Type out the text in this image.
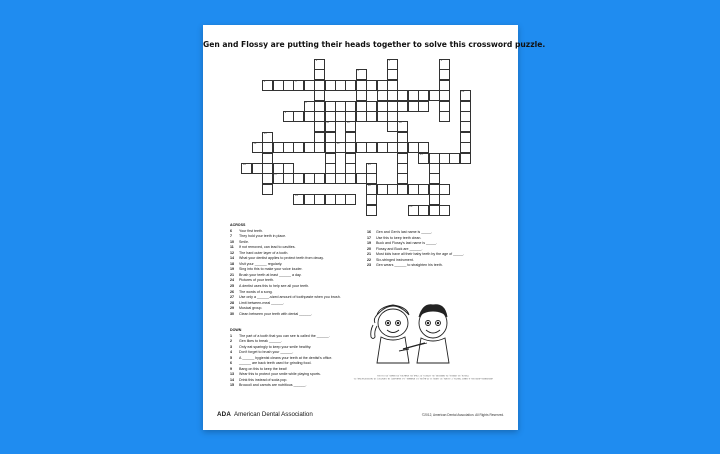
Gen and Flossy are putting their heads together to solve this crossword puzzle.
1	2	3
4
5
6
7
8
9
10	11	12
13	14
15
16
17
18
19
20
21
22
23
ACROSS
6 Your first teeth.
7 They hold your teeth in place.
10 Smile.
11 If not removed, can lead to cavities.
12 The hard outer layer of a tooth.
14 What your dentist applies to protect teeth from decay.
18 Visit your ______ regularly.
19 Sing into this to make your voice louder.
21 Brush your teeth at least ______ a day.
24 Pictures of your teeth.
25 A dentist uses this to help see all your teeth.
26 The words of a song.
27 Use only a ______-sized amount of toothpaste when you brush.
28 Limit between-meal ______.
29 Musical group.
30 Clean between your teeth with dental ______.
16 Gen and Gen's last name is _____.
17 Use this to keep teeth clean.
19 Buck and Flossy's last name is _____.
20 Flossy and Buck are ______.
21 Most kids have all their baby teeth by the age of _____.
22 Six-stringed instrument.
23 Gen wears ______ to straighten his teeth.
DOWN
1 The part of a tooth that you can see is called the ______.
2 Gen likes to break ______.
3 Only eat sparingly to keep your smile healthy.
4 Don't forget to brush your ______.
5 A ______ hygienist cleans your teeth at the dentist's office.
6 ______ are back teeth used for grinding food.
9 Bang on this to keep the beat!
13 Wear this to protect your smile while playing sports.
14 Drink this instead of soda pop.
15 Broccoli and carrots are nutritious ______.
ANSWERS: ACROSS: 6. BABY TEETH, 7. GUMS, 10. GRIN, 11. PLAQUE, 12. ENAMEL, 14. SEALANT, 18. DENTIST, 19. MICROPHONE, 21. TWICE, 24. XRAYS, 25. MIRROR, 26. LYRICS, 27. PEA, 28. SNACKS, 29. BAND, 30. FLOSS
ADA American Dental Association	©2012, American Dental Association. All Rights Reserved.
